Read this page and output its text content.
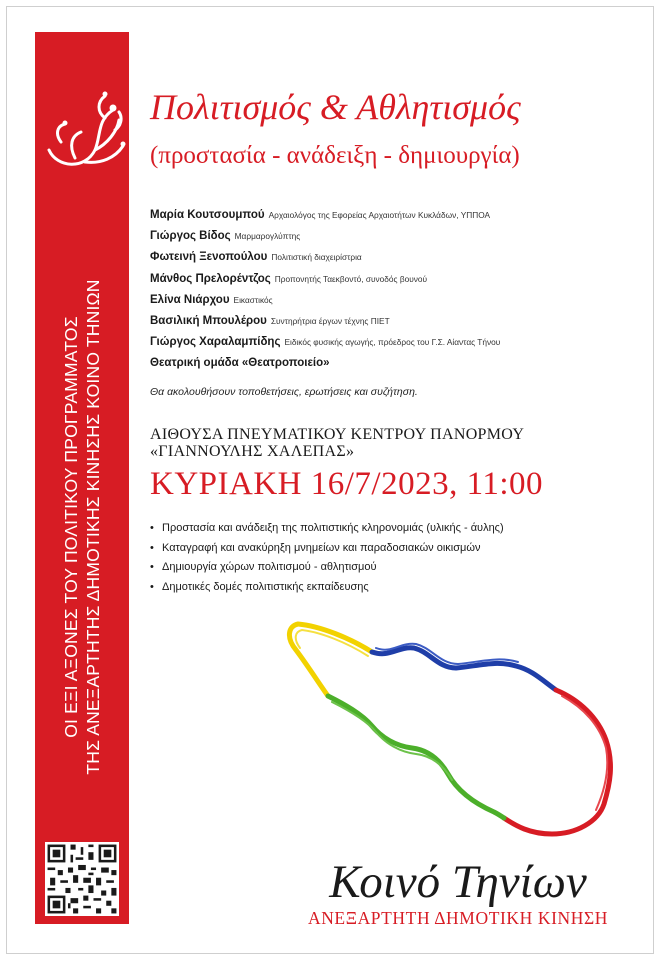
ΟΙ ΕΞΙ ΑΞΟΝΕΣ ΤΟΥ ΠΟΛΙΤΙΚΟΥ ΠΡΟΓΡΑΜΜΑΤΟΣ ΤΗΣ ΑΝΕΞΑΡΤΗΤΗΣ ΔΗΜΟΤΙΚΗΣ ΚΙΝΗΣΗΣ ΚΟΙΝΟ ΤΗΝΙΩΝ
Πολιτισμός & Αθλητισμός
(προστασία - ανάδειξη - δημιουργία)
Μαρία Κουτσουμπού Αρχαιολόγος της Εφορείας Αρχαιοτήτων Κυκλάδων, ΥΠΠΟΑ
Γιώργος Βίδος Μαρμαρογλύπτης
Φωτεινή Ξενοπούλου Πολιτιστική διαχειρίστρια
Μάνθος Πρελορέντζος Προπονητής Ταεκβοντό, συνοδός βουνού
Ελίνα Νιάρχου Εικαστικός
Βασιλική Μπουλέρου Συντηρήτρια έργων τέχνης ΠΙΕΤ
Γιώργος Χαραλαμπίδης Ειδικός φυσικής αγωγής, πρόεδρος του Γ.Σ. Αίαντας Τήνου
Θεατρική ομάδα «Θεατροποιείο»
Θα ακολουθήσουν τοποθετήσεις, ερωτήσεις και συζήτηση.
ΑΙΘΟΥΣΑ ΠΝΕΥΜΑΤΙΚΟΥ ΚΕΝΤΡΟΥ ΠΑΝΟΡΜΟΥ
«ΓΙΑΝΝΟΥΛΗΣ ΧΑΛΕΠΑΣ»
ΚΥΡΙΑΚΗ 16/7/2023, 11:00
• Προστασία και ανάδειξη της πολιτιστικής κληρονομιάς (υλικής - άυλης)
• Καταγραφή και ανακύρηξη μνημείων και παραδοσιακών οικισμών
• Δημιουργία χώρων πολιτισμού - αθλητισμού
• Δημοτικές δομές πολιτιστικής εκπαίδευσης
Κοινό Τηνίων
ΑΝΕΞΑΡΤΗΤΗ ΔΗΜΟΤΙΚΗ ΚΙΝΗΣΗ
